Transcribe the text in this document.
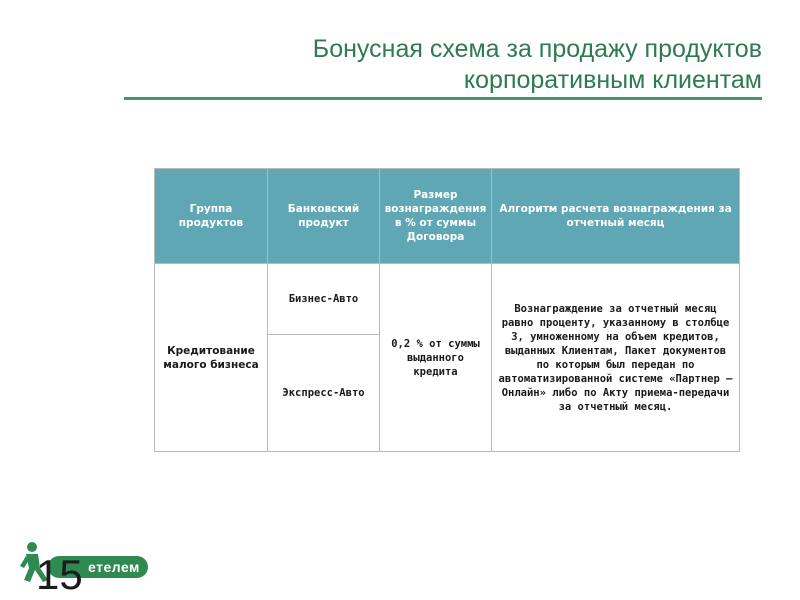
Бонусная схема за продажу продуктов
корпоративным клиентам
Группа продуктов	Банковский продукт	Размер вознаграждения в % от суммы Договора	Алгоритм расчета вознаграждения за отчетный месяц
Кредитование малого бизнеса	Бизнес-Авто	0,2 % от суммы выданного кредита	Вознаграждение за отчетный месяц равно проценту, указанному в столбце 3, умноженному на объем кредитов, выданных Клиентам, Пакет документов по которым был передан по автоматизированной системе «Партнер –Онлайн» либо по Акту приема-передачи за отчетный месяц.
	Экспресс-Авто		
етелем
15
